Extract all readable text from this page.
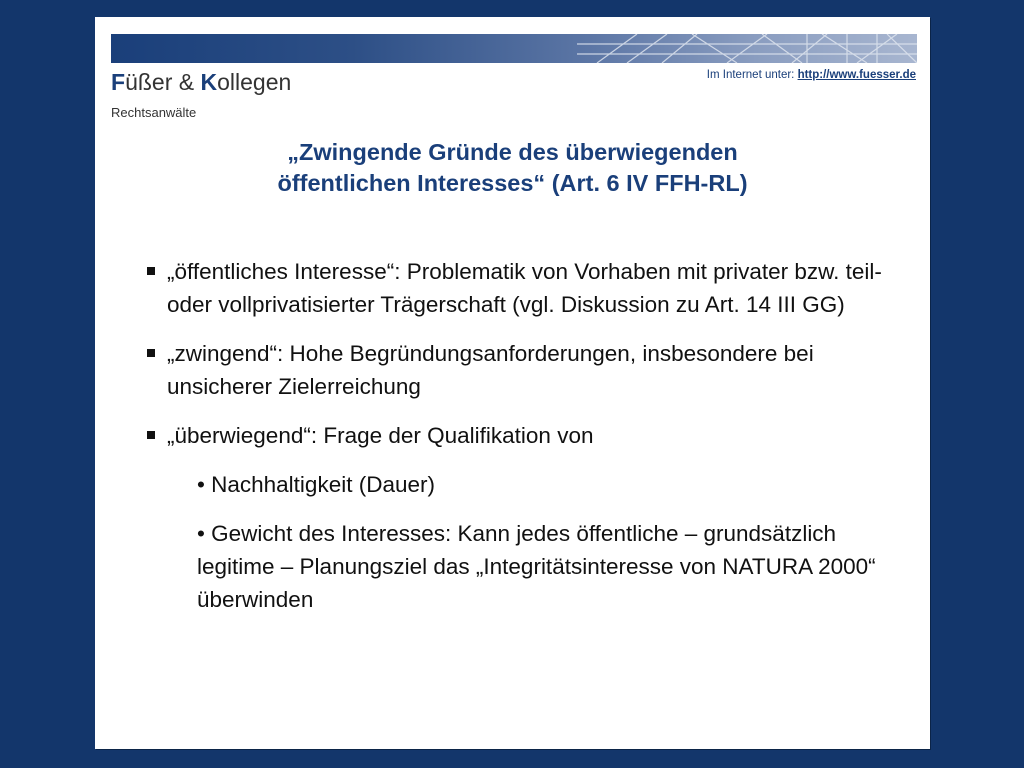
Füßer & Kollegen
Rechtsanwälte
Im Internet unter: http://www.fuesser.de
„Zwingende Gründe des überwiegenden
öffentlichen Interesses“ (Art. 6 IV FFH-RL)
„öffentliches Interesse“: Problematik von Vorhaben mit privater bzw. teil- oder vollprivatisierter Trägerschaft (vgl. Diskussion zu Art. 14 III GG)
„zwingend“: Hohe Begründungsanforderungen, insbesondere bei unsicherer Zielerreichung
„überwiegend“: Frage der Qualifikation von
• Nachhaltigkeit (Dauer)
• Gewicht des Interesses: Kann jedes öffentliche – grundsätzlich legitime – Planungsziel das „Integritätsinteresse von NATURA 2000“ überwinden
